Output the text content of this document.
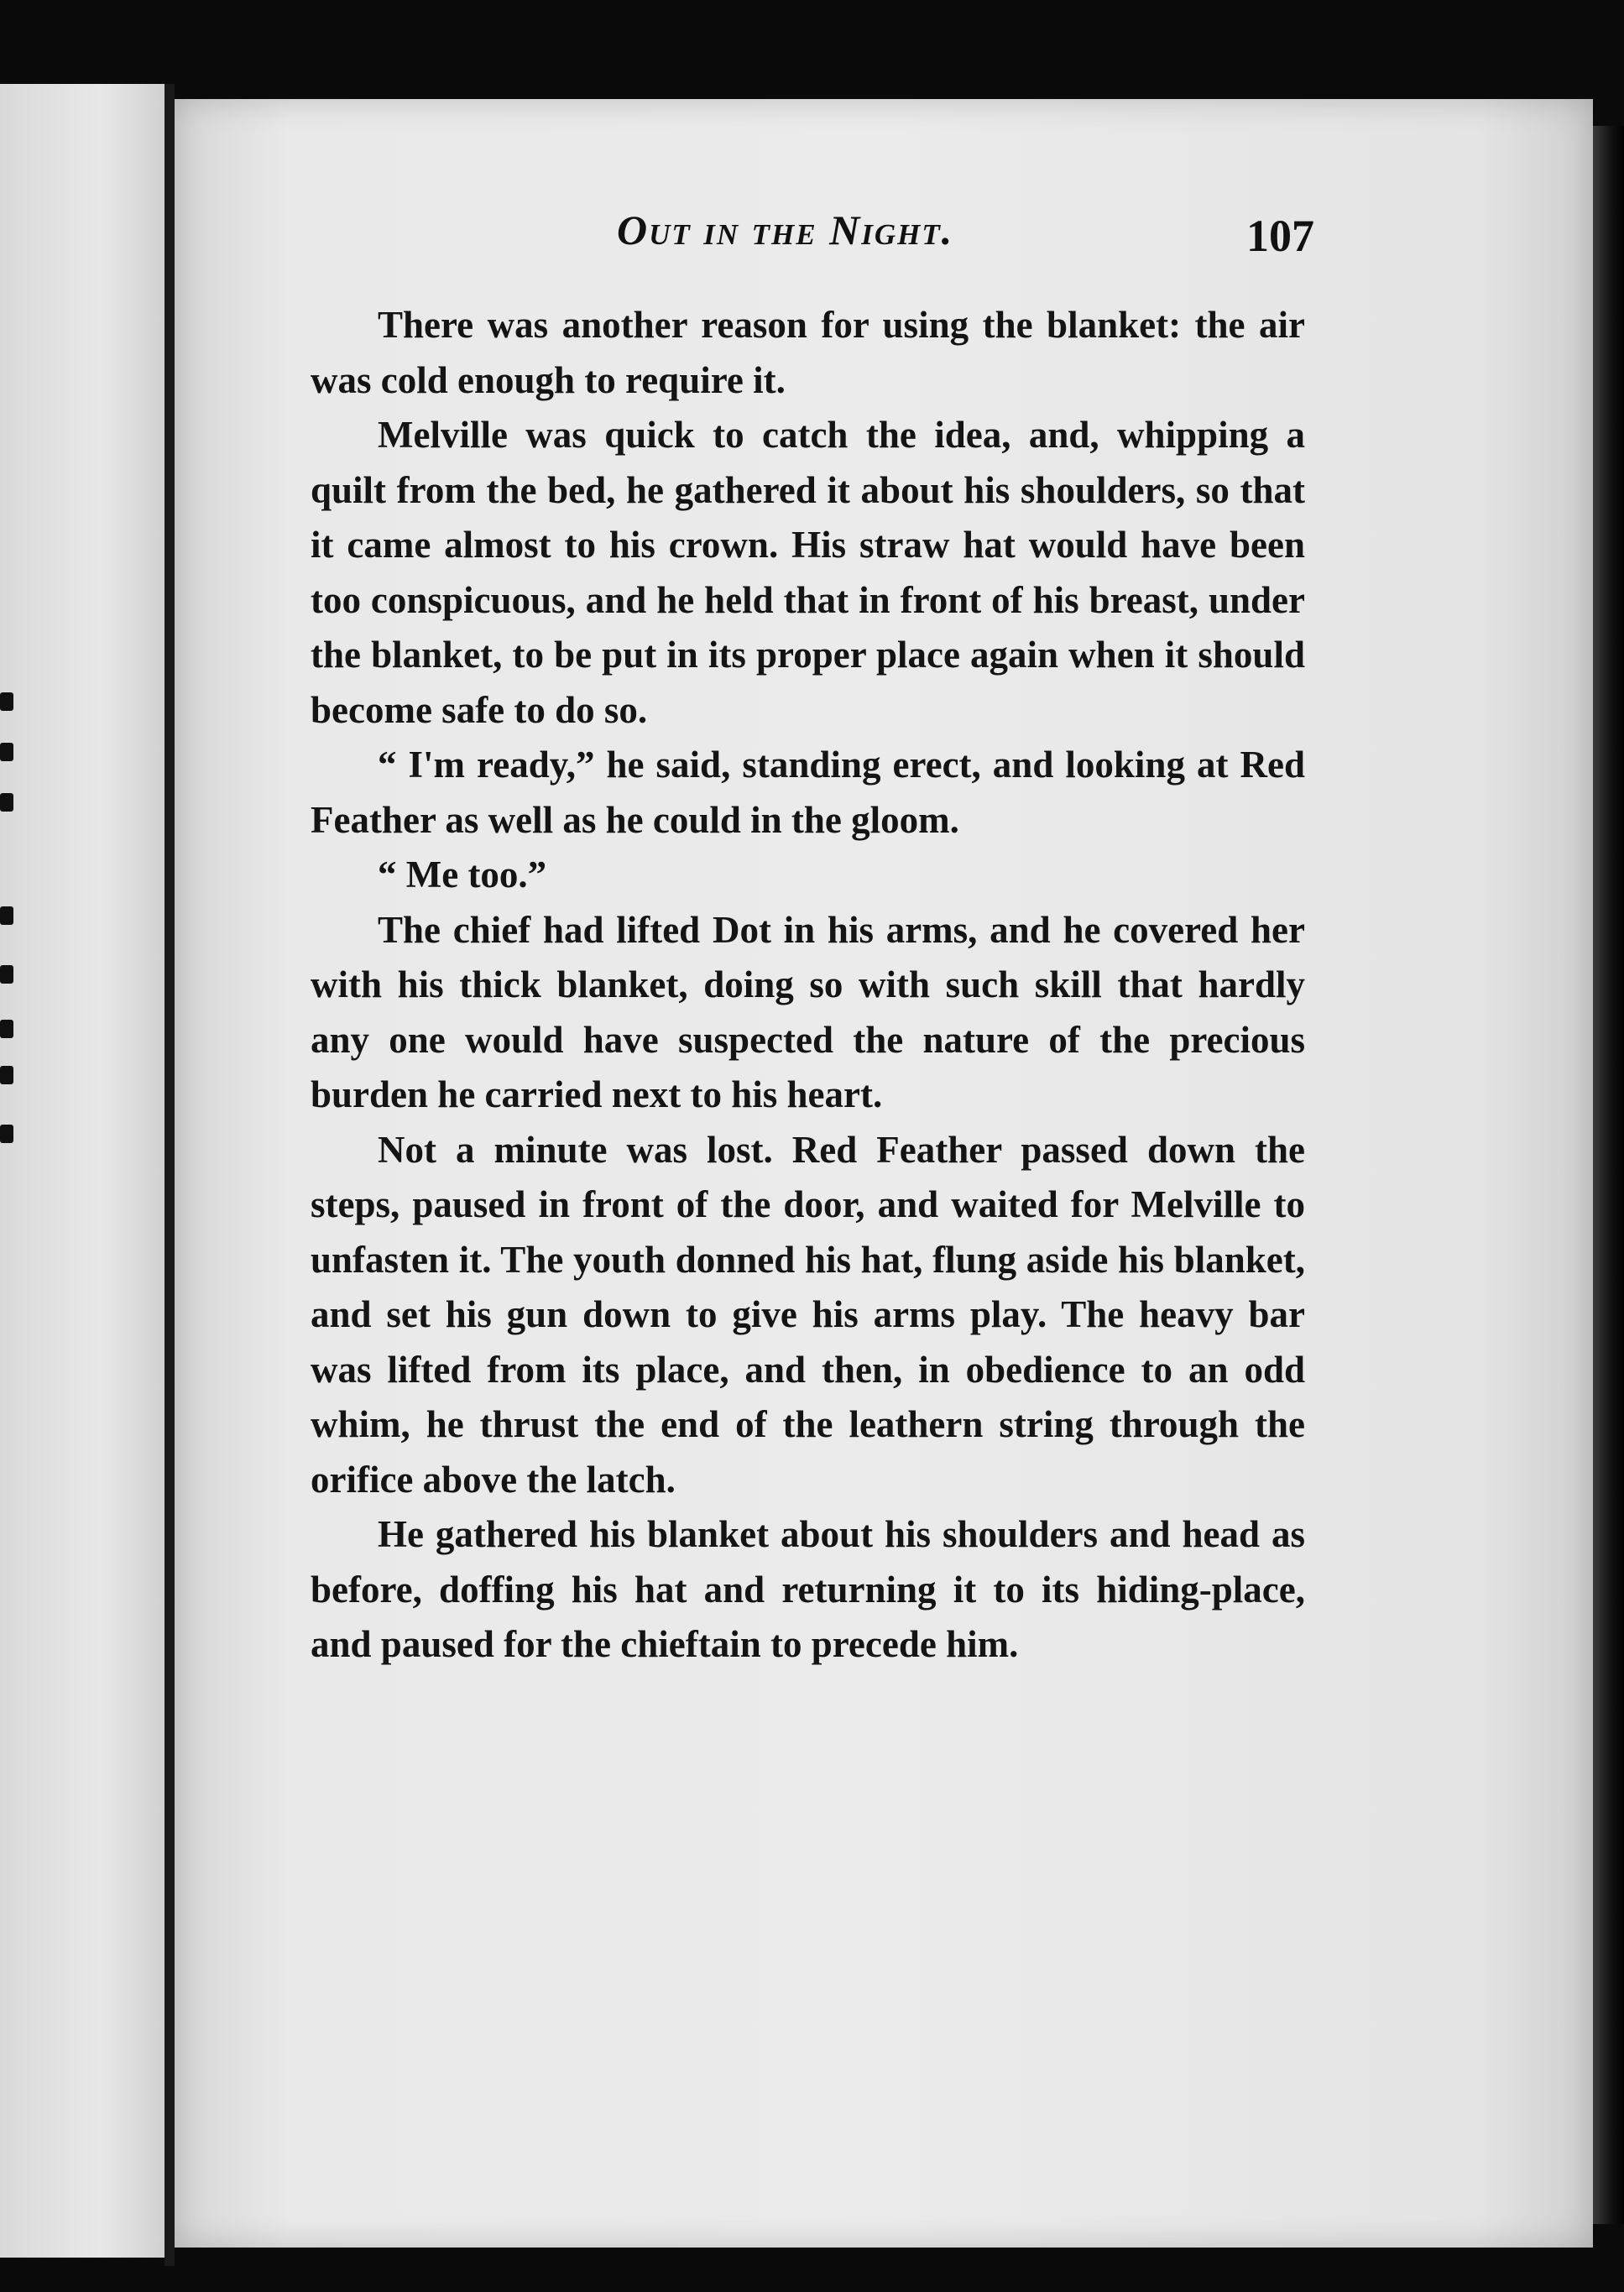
Out in the Night.	107

There was another reason for using the blanket: the air was cold enough to require it.

Melville was quick to catch the idea, and, whipping a quilt from the bed, he gathered it about his shoulders, so that it came almost to his crown. His straw hat would have been too conspicuous, and he held that in front of his breast, under the blanket, to be put in its proper place again when it should become safe to do so.

“ I'm ready,” he said, standing erect, and looking at Red Feather as well as he could in the gloom.

“ Me too.”

The chief had lifted Dot in his arms, and he covered her with his thick blanket, doing so with such skill that hardly any one would have suspected the nature of the precious burden he carried next to his heart.

Not a minute was lost. Red Feather passed down the steps, paused in front of the door, and waited for Melville to unfasten it. The youth donned his hat, flung aside his blanket, and set his gun down to give his arms play. The heavy bar was lifted from its place, and then, in obedience to an odd whim, he thrust the end of the leathern string through the orifice above the latch.

He gathered his blanket about his shoulders and head as before, doffing his hat and returning it to its hiding-place, and paused for the chieftain to precede him.
